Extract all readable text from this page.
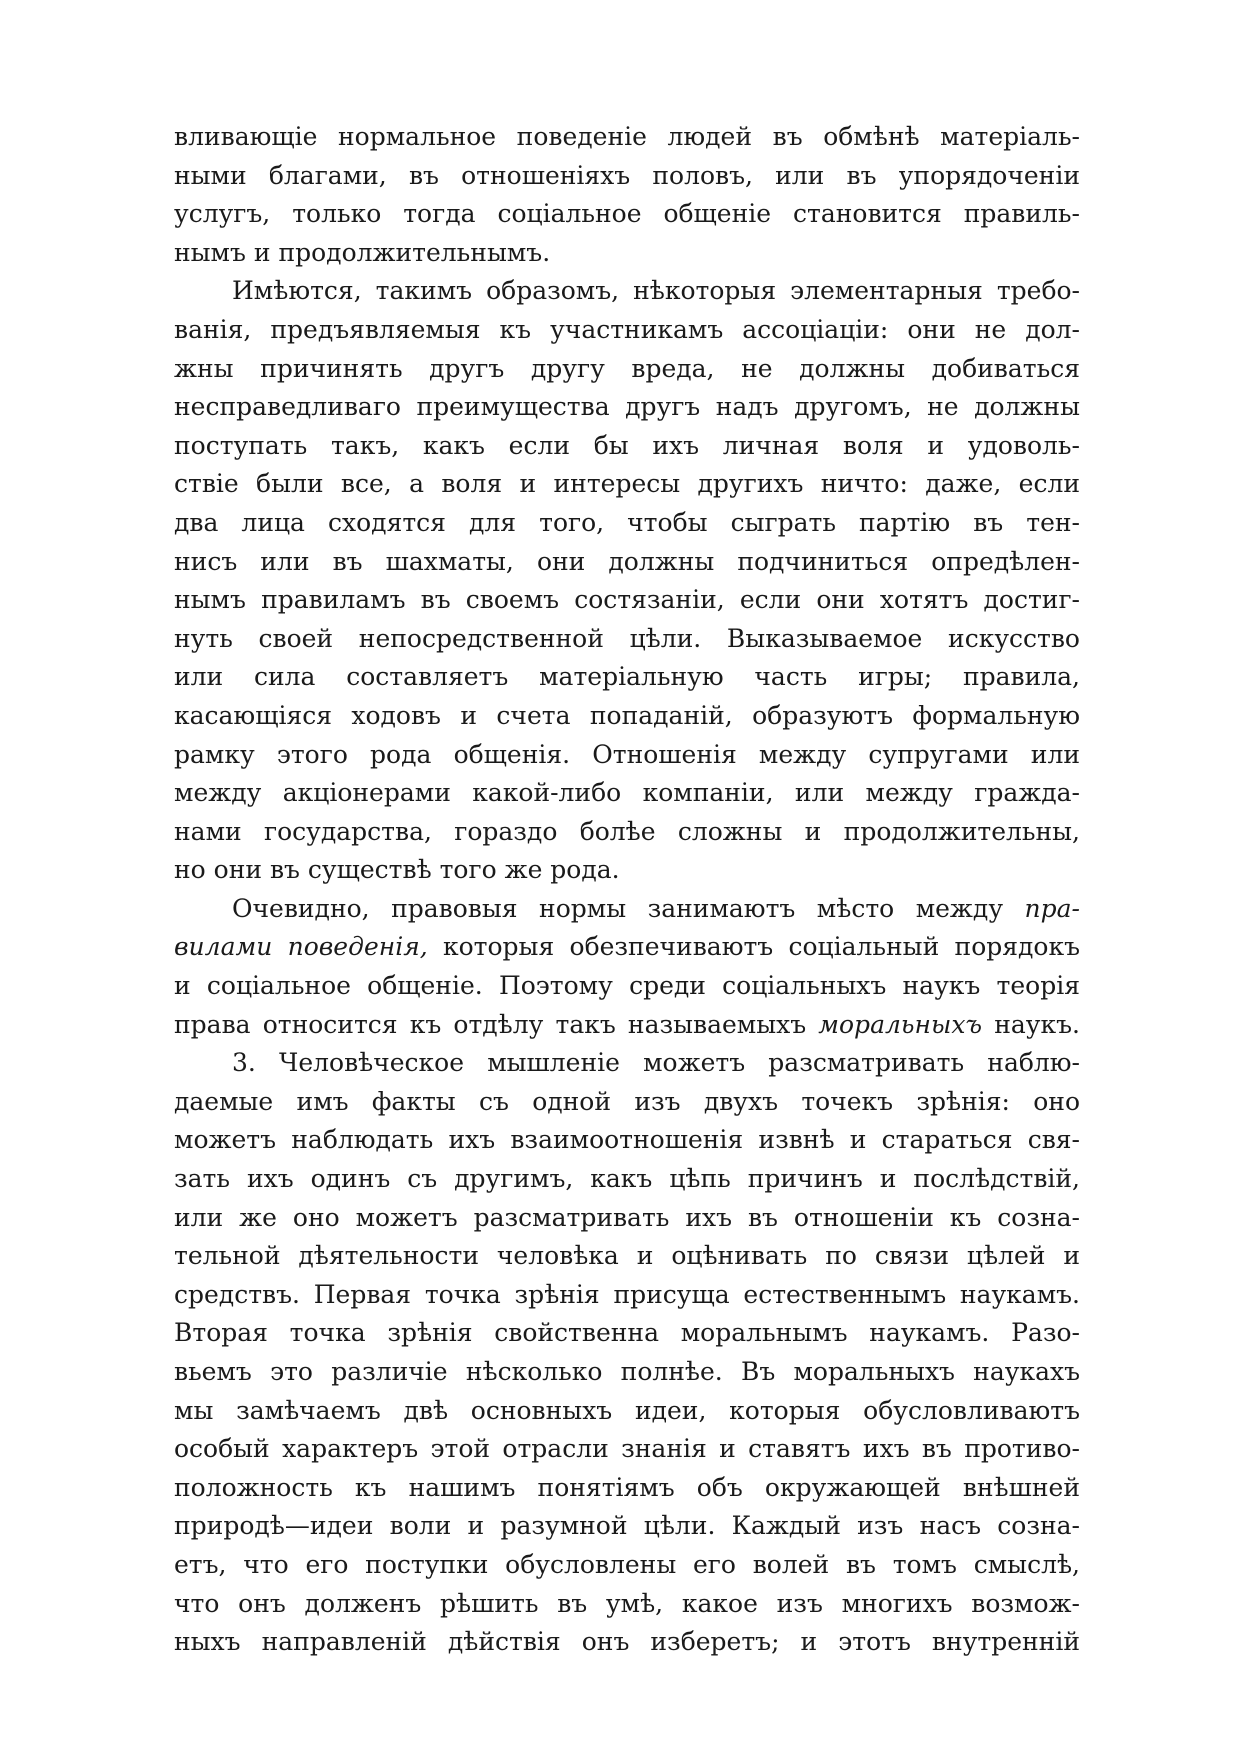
вливающіе нормальное поведеніе людей въ обмѣнѣ матеріаль-
ными благами, въ отношеніяхъ половъ, или въ упорядоченіи
услугъ, только тогда соціальное общеніе становится правиль-
нымъ и продолжительнымъ.
Имѣются, такимъ образомъ, нѣкоторыя элементарныя требо-
ванія, предъявляемыя къ участникамъ ассоціаціи: они не дол-
жны причинять другъ другу вреда, не должны добиваться
несправедливаго преимущества другъ надъ другомъ, не должны
поступать такъ, какъ если бы ихъ личная воля и удоволь-
ствіе были все, а воля и интересы другихъ ничто: даже, если
два лица сходятся для того, чтобы сыграть партію въ тен-
нисъ или въ шахматы, они должны подчиниться опредѣлен-
нымъ правиламъ въ своемъ состязаніи, если они хотятъ достиг-
нуть своей непосредственной цѣли. Выказываемое искусство
или сила составляетъ матеріальную часть игры; правила,
касающіяся ходовъ и счета попаданій, образуютъ формальную
рамку этого рода общенія. Отношенія между супругами или
между акціонерами какой-либо компаніи, или между гражда-
нами государства, гораздо болѣе сложны и продолжительны,
но они въ существѣ того же рода.
Очевидно, правовыя нормы занимаютъ мѣсто между пра-
вилами поведенія, которыя обезпечиваютъ соціальный порядокъ
и соціальное общеніе. Поэтому среди соціальныхъ наукъ теорія
права относится къ отдѣлу такъ называемыхъ моральныхъ наукъ.
3. Человѣческое мышленіе можетъ разсматривать наблю-
даемые имъ факты съ одной изъ двухъ точекъ зрѣнія: оно
можетъ наблюдать ихъ взаимоотношенія извнѣ и стараться свя-
зать ихъ одинъ съ другимъ, какъ цѣпь причинъ и послѣдствій,
или же оно можетъ разсматривать ихъ въ отношеніи къ созна-
тельной дѣятельности человѣка и оцѣнивать по связи цѣлей и
средствъ. Первая точка зрѣнія присуща естественнымъ наукамъ.
Вторая точка зрѣнія свойственна моральнымъ наукамъ. Разо-
вьемъ это различіе нѣсколько полнѣе. Въ моральныхъ наукахъ
мы замѣчаемъ двѣ основныхъ идеи, которыя обусловливаютъ
особый характеръ этой отрасли знанія и ставятъ ихъ въ противо-
положность къ нашимъ понятіямъ объ окружающей внѣшней
природѣ—идеи воли и разумной цѣли. Каждый изъ насъ созна-
етъ, что его поступки обусловлены его волей въ томъ смыслѣ,
что онъ долженъ рѣшить въ умѣ, какое изъ многихъ возмож-
ныхъ направленій дѣйствія онъ изберетъ; и этотъ внутренній
